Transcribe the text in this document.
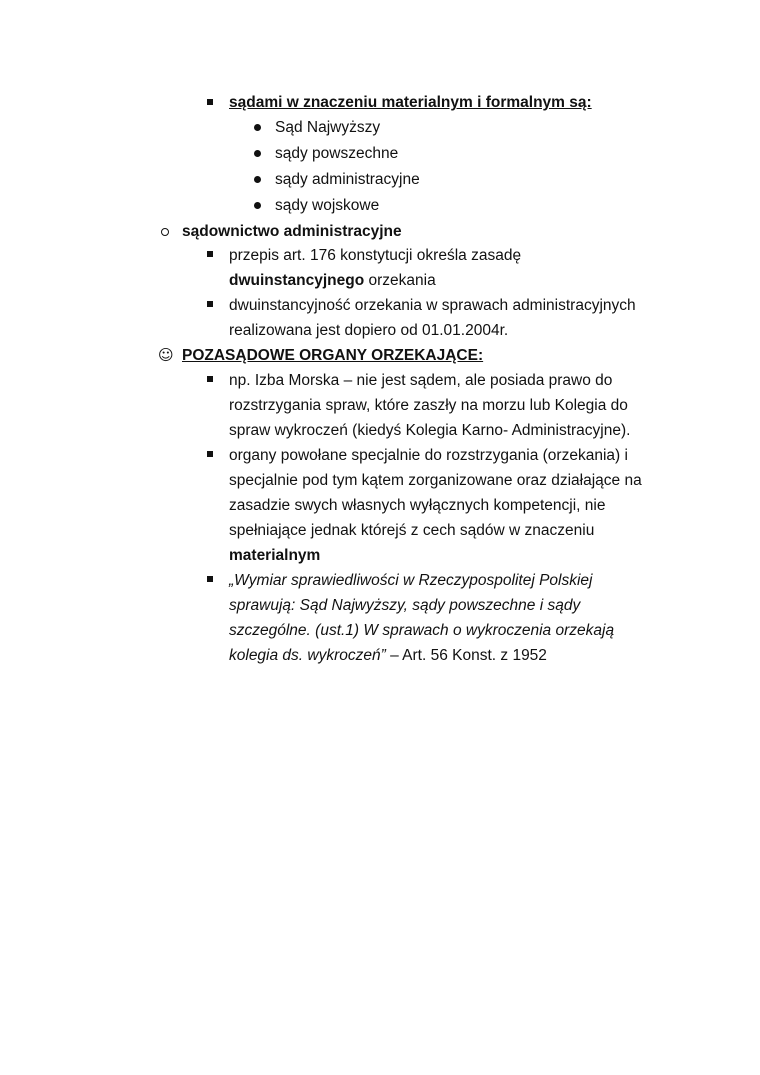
sądami w znaczeniu materialnym i formalnym są:
Sąd Najwyższy
sądy powszechne
sądy administracyjne
sądy wojskowe
sądownictwo administracyjne
przepis art. 176 konstytucji określa zasadę
dwuinstancyjnego orzekania
dwuinstancyjność orzekania w sprawach administracyjnych
realizowana jest dopiero od 01.01.2004r.
☺ POZASĄDOWE ORGANY ORZEKAJĄCE:
np. Izba Morska – nie jest sądem, ale posiada prawo do
rozstrzygania spraw, które zaszły na morzu lub Kolegia do
spraw wykroczeń (kiedyś Kolegia Karno- Administracyjne).
organy powołane specjalnie do rozstrzygania (orzekania) i
specjalnie pod tym kątem zorganizowane oraz działające na
zasadzie swych własnych wyłącznych kompetencji, nie
spełniające jednak którejś z cech sądów w znaczeniu
materialnym
„Wymiar sprawiedliwości w Rzeczypospolitej Polskiej
sprawują: Sąd Najwyższy, sądy powszechne i sądy
szczególne. (ust.1) W sprawach o wykroczenia orzekają
kolegia ds. wykroczeń” – Art. 56 Konst. z 1952
